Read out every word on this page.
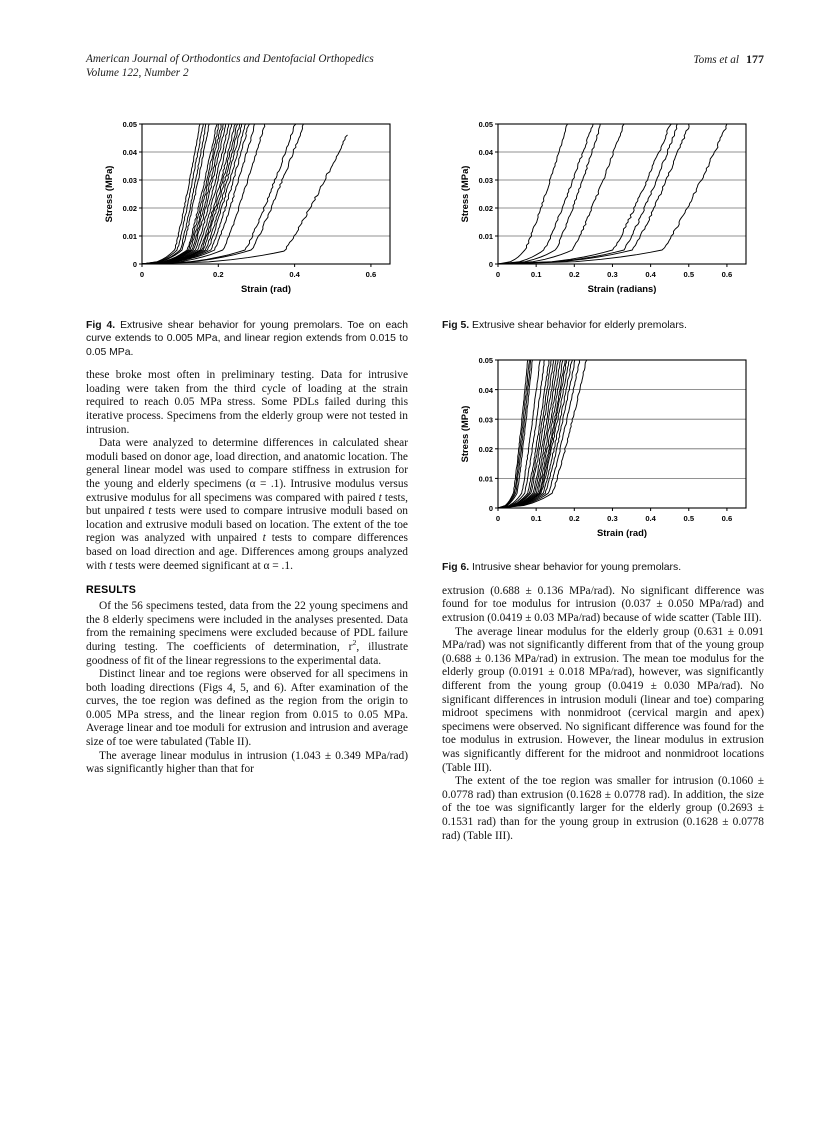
American Journal of Orthodontics and Dentofacial Orthopedics
Volume 122, Number 2
Toms et al 177
0
0.01
0.02
0.03
0.04
0.05
0	0.2	0.4	0.6
Strain (rad)
Stress (MPa)

Fig 4. Extrusive shear behavior for young premolars. Toe on each curve extends to 0.005 MPa, and linear region extends from 0.015 to 0.05 MPa.

these broke most often in preliminary testing. Data for intrusive loading were taken from the third cycle of loading at the strain required to reach 0.05 MPa stress. Some PDLs failed during this iterative process. Specimens from the elderly group were not tested in intrusion.

Data were analyzed to determine differences in calculated shear moduli based on donor age, load direction, and anatomic location. The general linear model was used to compare stiffness in extrusion for the young and elderly specimens (α = .1). Intrusive modulus versus extrusive modulus for all specimens was compared with paired t tests, but unpaired t tests were used to compare intrusive moduli based on location and extrusive moduli based on location. The extent of the toe region was analyzed with unpaired t tests to compare differences based on load direction and age. Differences among groups analyzed with t tests were deemed significant at α = .1.

RESULTS

Of the 56 specimens tested, data from the 22 young specimens and the 8 elderly specimens were included in the analyses presented. Data from the remaining specimens were excluded because of PDL failure during testing. The coefficients of determination, $r^2$, illustrate goodness of fit of the linear regressions to the experimental data.

Distinct linear and toe regions were observed for all specimens in both loading directions (Figs 4, 5, and 6). After examination of the curves, the toe region was defined as the region from the origin to 0.005 MPa stress, and the linear region from 0.015 to 0.05 MPa. Average linear and toe moduli for extrusion and intrusion and average size of toe were tabulated (Table II).

The average linear modulus in intrusion (1.043 ± 0.349 MPa/rad) was significantly higher than that for

0
0.01
0.02
0.03
0.04
0.05
0	0.1	0.2	0.3	0.4	0.5	0.6
Strain (radians)
Stress (MPa)

Fig 5. Extrusive shear behavior for elderly premolars.

0
0.01
0.02
0.03
0.04
0.05
0	0.1	0.2	0.3	0.4	0.5	0.6
Strain (rad)
Stress (MPa)

Fig 6. Intrusive shear behavior for young premolars.

extrusion (0.688 ± 0.136 MPa/rad). No significant difference was found for toe modulus for intrusion (0.037 ± 0.050 MPa/rad) and extrusion (0.0419 ± 0.03 MPa/rad) because of wide scatter (Table III).

The average linear modulus for the elderly group (0.631 ± 0.091 MPa/rad) was not significantly different from that of the young group (0.688 ± 0.136 MPa/rad) in extrusion. The mean toe modulus for the elderly group (0.0191 ± 0.018 MPa/rad), however, was significantly different from the young group (0.0419 ± 0.030 MPa/rad). No significant differences in intrusion moduli (linear and toe) comparing midroot specimens with nonmidroot (cervical margin and apex) specimens were observed. No significant difference was found for the toe modulus in extrusion. However, the linear modulus in extrusion was significantly different for the midroot and nonmidroot locations (Table III).

The extent of the toe region was smaller for intrusion (0.1060 ± 0.0778 rad) than extrusion (0.1628 ± 0.0778 rad). In addition, the size of the toe was significantly larger for the elderly group (0.2693 ± 0.1531 rad) than for the young group in extrusion (0.1628 ± 0.0778 rad) (Table III).
